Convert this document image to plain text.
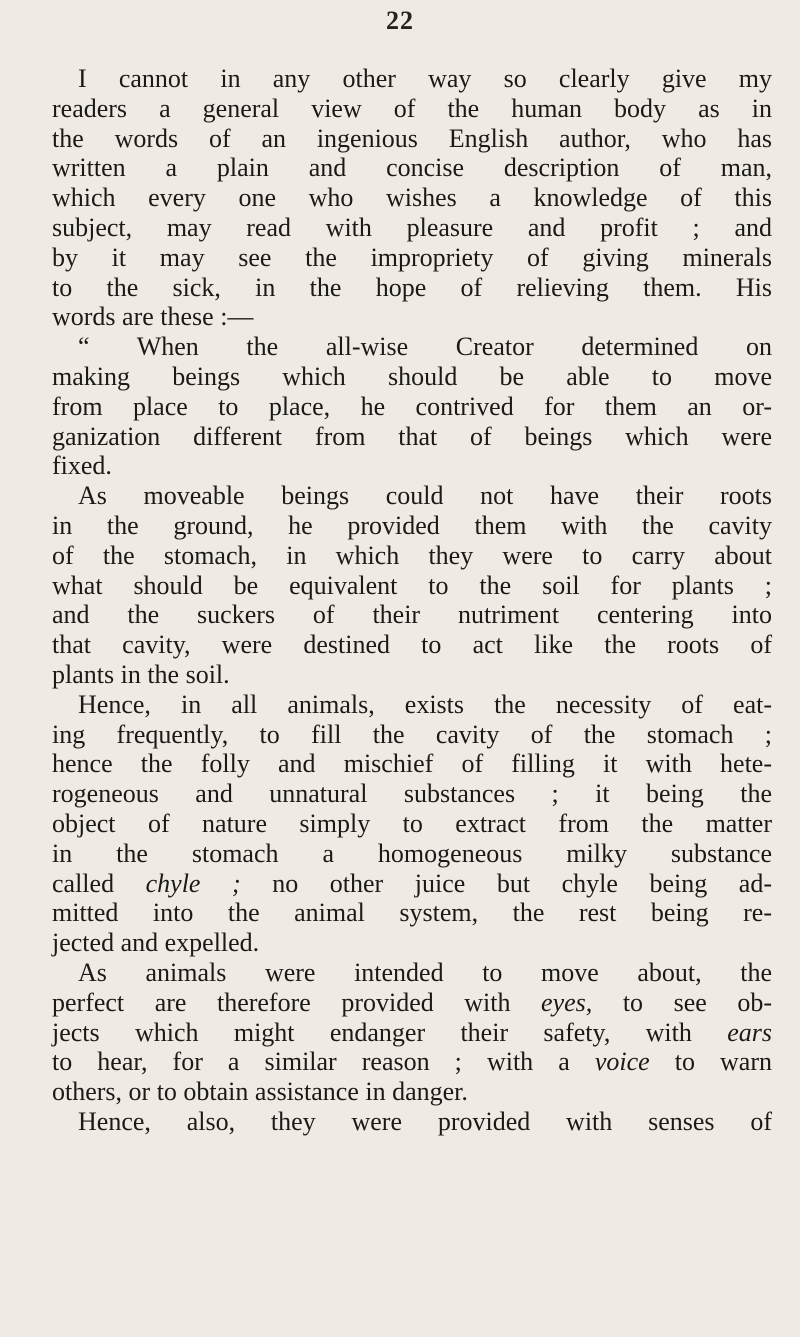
22
I cannot in any other way so clearly give my
readers a general view of the human body as in
the words of an ingenious English author, who has
written a plain and concise description of man,
which every one who wishes a knowledge of this
subject, may read with pleasure and profit ; and
by it may see the impropriety of giving minerals
to the sick, in the hope of relieving them. His
words are these :—
“ When the all-wise Creator determined on
making beings which should be able to move
from place to place, he contrived for them an or-
ganization different from that of beings which were
fixed.
As moveable beings could not have their roots
in the ground, he provided them with the cavity
of the stomach, in which they were to carry about
what should be equivalent to the soil for plants ;
and the suckers of their nutriment centering into
that cavity, were destined to act like the roots of
plants in the soil.
Hence, in all animals, exists the necessity of eat-
ing frequently, to fill the cavity of the stomach ;
hence the folly and mischief of filling it with hete-
rogeneous and unnatural substances ; it being the
object of nature simply to extract from the matter
in the stomach a homogeneous milky substance
called chyle ; no other juice but chyle being ad-
mitted into the animal system, the rest being re-
jected and expelled.
As animals were intended to move about, the
perfect are therefore provided with eyes, to see ob-
jects which might endanger their safety, with ears
to hear, for a similar reason ; with a voice to warn
others, or to obtain assistance in danger.
Hence, also, they were provided with senses of
